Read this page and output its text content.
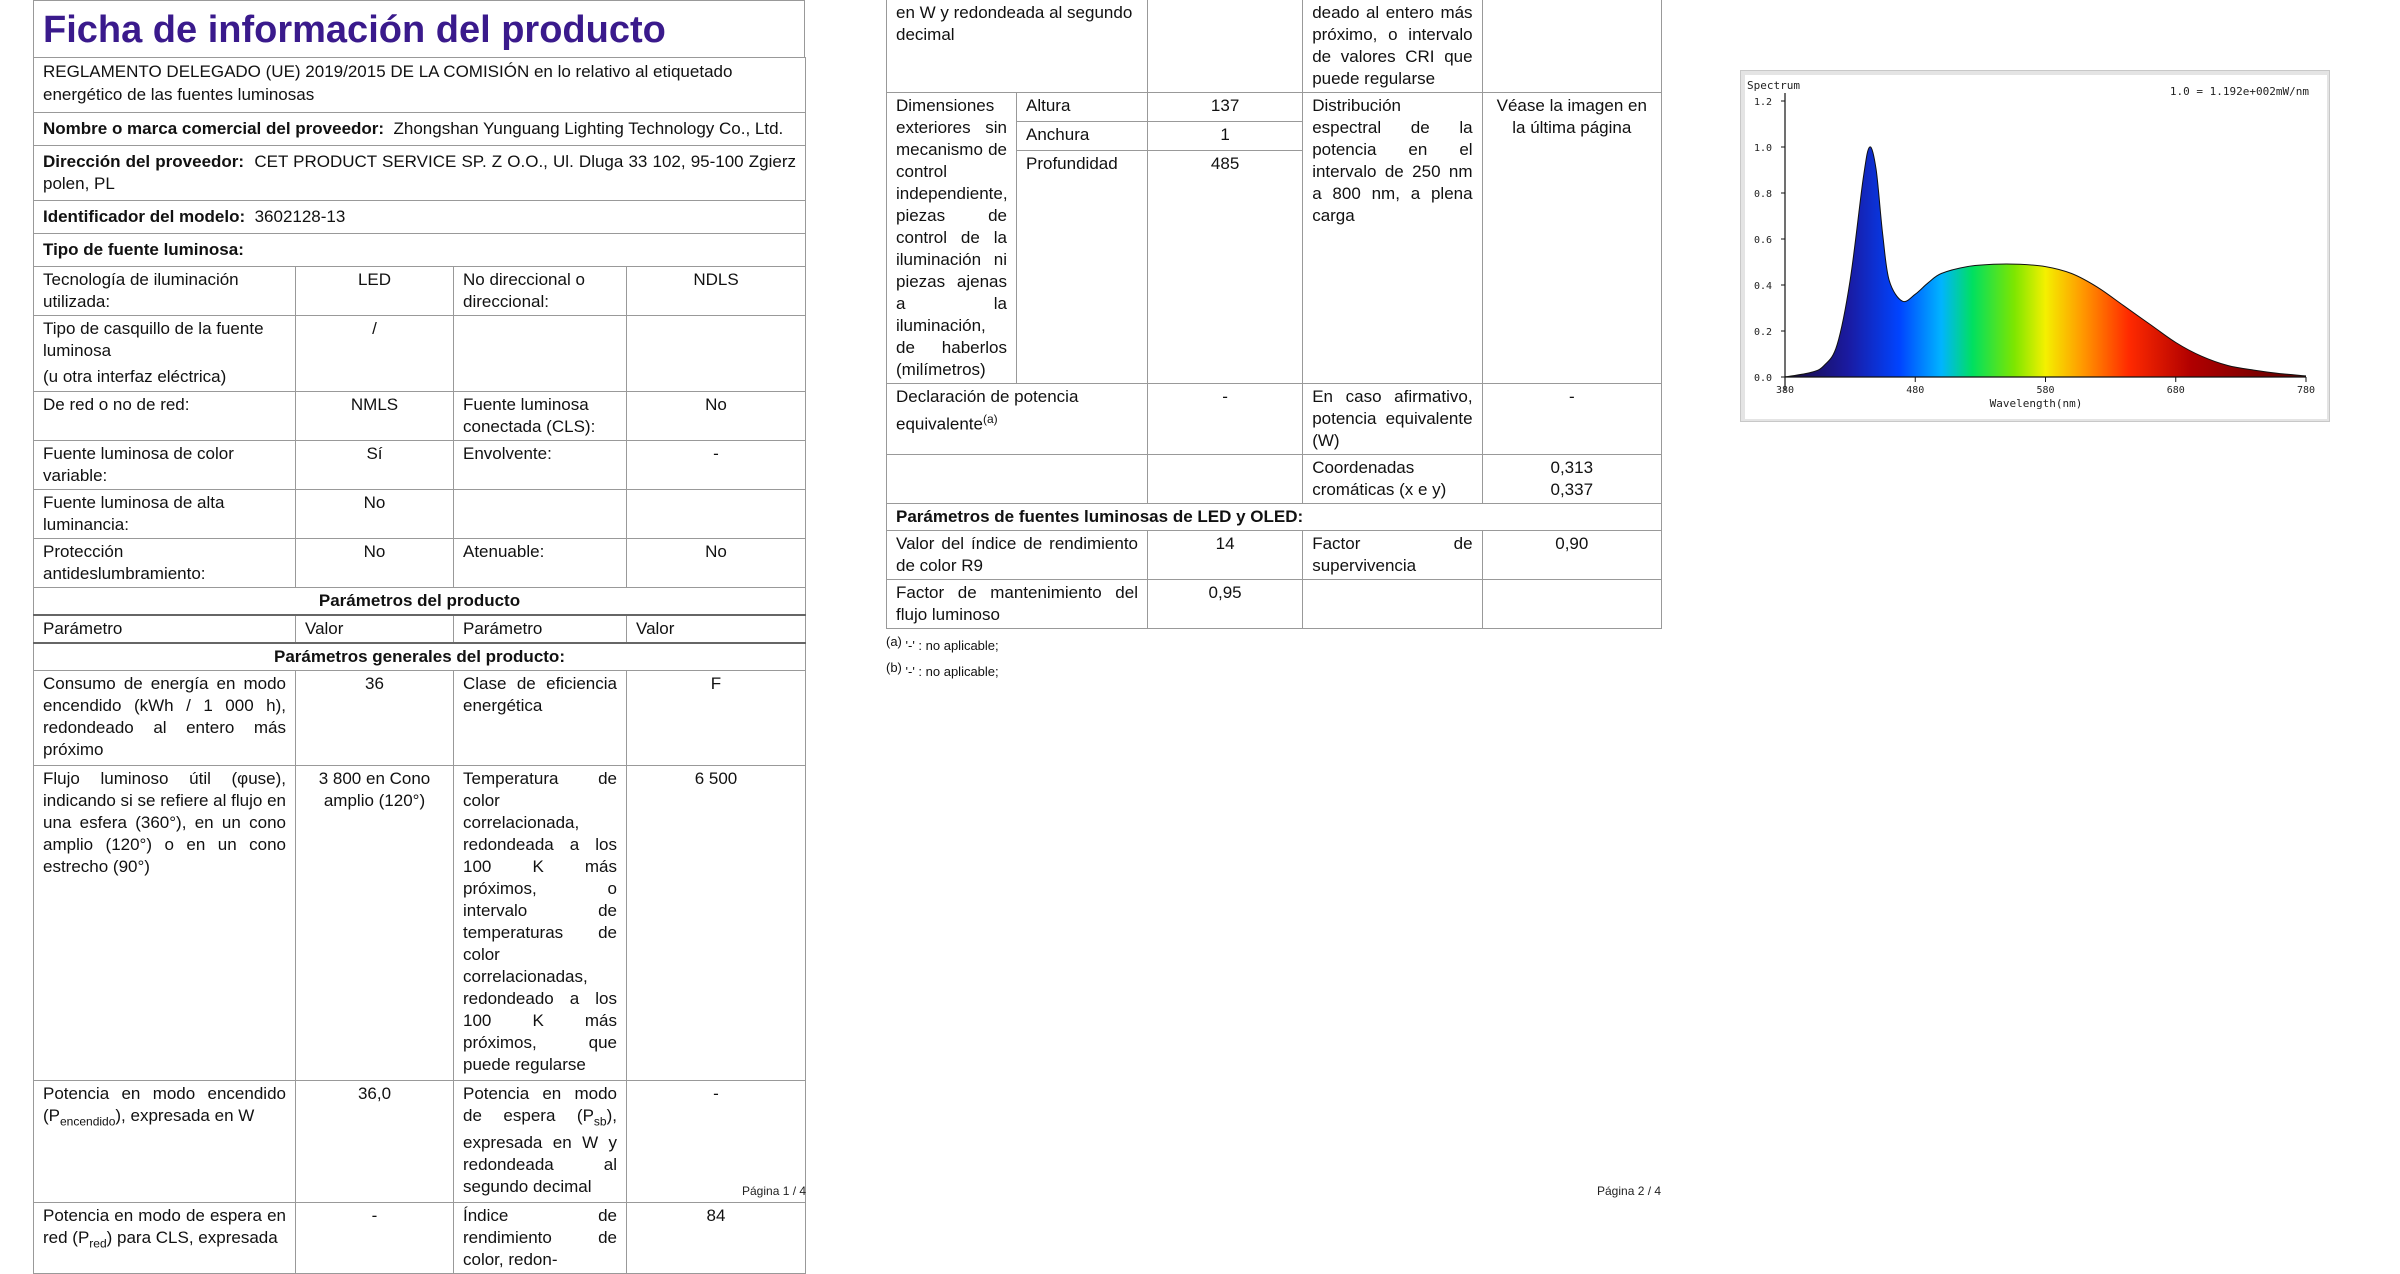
Ficha de información del producto
REGLAMENTO DELEGADO (UE) 2019/2015 DE LA COMISIÓN en lo relativo al etiquetado energético de las fuentes luminosas			
Nombre o marca comercial del proveedor: Zhongshan Yunguang Lighting Technology Co., Ltd.			
Dirección del proveedor: CET PRODUCT SERVICE SP. Z O.O., Ul. Dluga 33 102, 95-100 Zgierz polen, PL			
Identificador del modelo: 3602128-13			
Tipo de fuente luminosa:			
Tecnología de iluminación utilizada:	LED	No direccional o direccional:	NDLS

Tipo de casquillo de la fuente luminosa
(u otra interfaz eléctrica)	/		
De red o no de red:	NMLS	Fuente luminosa conectada (CLS):	No
Fuente luminosa de color variable:	Sí	Envolvente:	-
Fuente luminosa de alta luminancia:	No		
Protección antideslumbramiento:	No	Atenuable:	No
Parámetros del producto			
Parámetro	Valor	Parámetro	Valor
Parámetros generales del producto:			
Consumo de energía en modo encendido (kWh / 1 000 h), redondeado al entero más próximo	36	Clase de eficiencia energética	F
Flujo luminoso útil (φuse), indicando si se refiere al flujo en una esfera (360°), en un cono amplio (120°) o en un cono estrecho (90°)	3 800 en Cono amplio (120°)	Temperatura de color correlacionada, redondeada a los 100 K más próximos, o intervalo de temperaturas de color correlacionadas, redondeado a los 100 K más próximos, que puede regularse	6 500
Potencia en modo encendido $(P_{encendido})$, expresada en W	36,0	Potencia en modo de espera $(P_{sb})$, expresada en W y redondeada al segundo decimal	-
Potencia en modo de espera en red $(P_{red})$ para CLS, expresada	-	Índice de rendimiento de color, redon-	84
Página 1 / 4
en W y redondeada al segundo decimal			deado al entero más próximo, o intervalo de valores CRI que puede regularse	
Dimensiones exteriores sin mecanismo de control independiente, piezas de control de la iluminación ni piezas ajenas a la iluminación, de haberlos (milímetros)	Altura	137	Distribución espectral de la potencia en el intervalo de 250 nm a 800 nm, a plena carga	Véase la imagen en la última página
	Anchura	1		
	Profundidad	485		
Declaración de potencia equivalente$^{(a)}$		-	En caso afirmativo, potencia equivalente (W)	-
			Coordenadas cromáticas (x e y)	0,313
0,337

Parámetros de fuentes luminosas de LED y OLED:				
Valor del índice de rendimiento de color R9		14	Factor de supervivencia	0,90
Factor de mantenimiento del flujo luminoso		0,95		
$^{(a)}$ '-' : no aplicable;
$^{(b)}$ '-' : no aplicable;
Página 2 / 4
Spectrum	1.0 = 1.192e+002mW/nm
Wavelength(nm)
0.0
0.2
0.4
0.6
0.8
1.0
1.2
380	480	580	680	780
